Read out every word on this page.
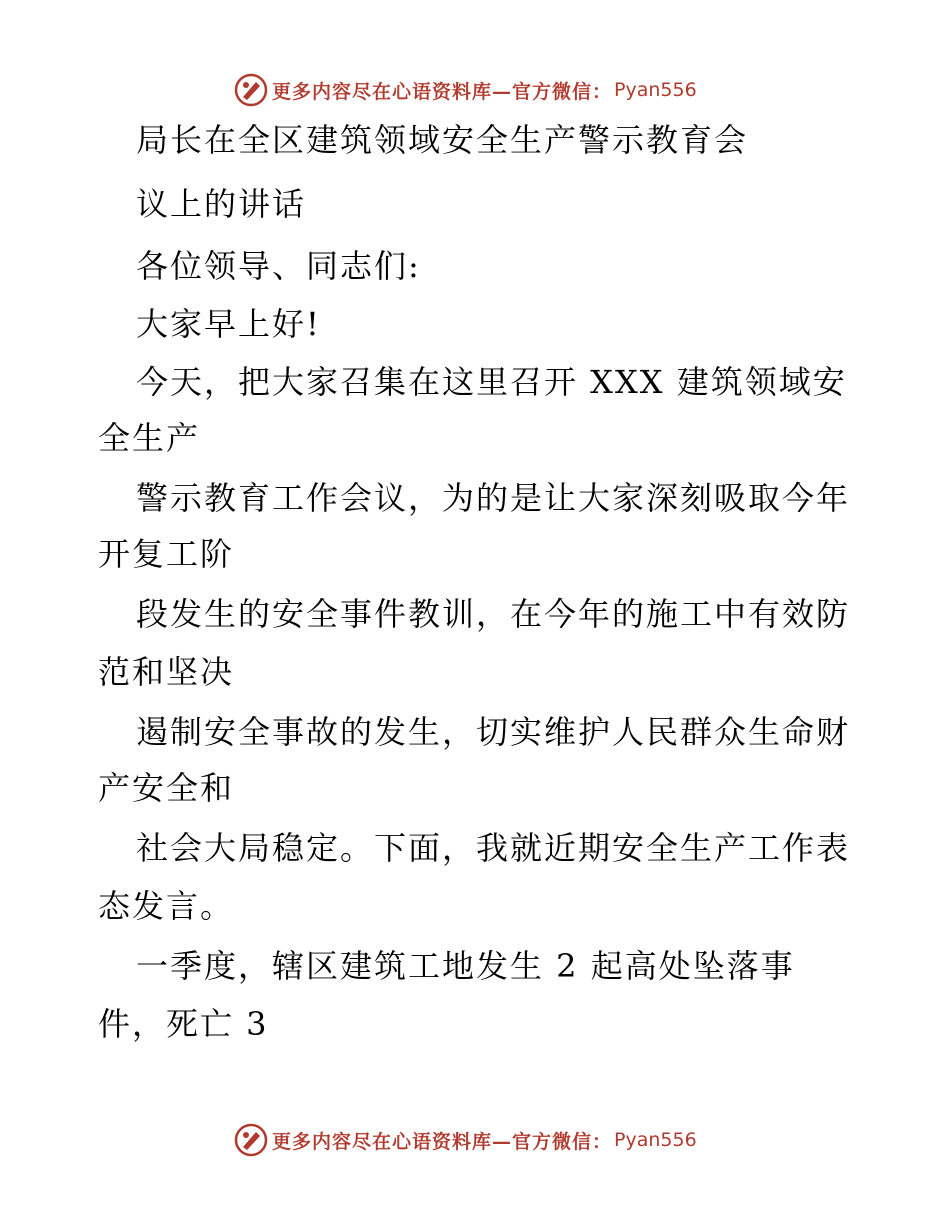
更多内容尽在心语资料库—官方微信： Pyan556
局长在全区建筑领域安全生产警示教育会
议上的讲话
各位领导、同志们:
大家早上好!
今天，把大家召集在这里召开 XXX 建筑领域安
全生产
警示教育工作会议，为的是让大家深刻吸取今年
开复工阶
段发生的安全事件教训，在今年的施工中有效防
范和坚决
遏制安全事故的发生，切实维护人民群众生命财
产安全和
社会大局稳定。下面，我就近期安全生产工作表
态发言。
一季度，辖区建筑工地发生 2 起高处坠落事
件，死亡 3
更多内容尽在心语资料库—官方微信： Pyan556
